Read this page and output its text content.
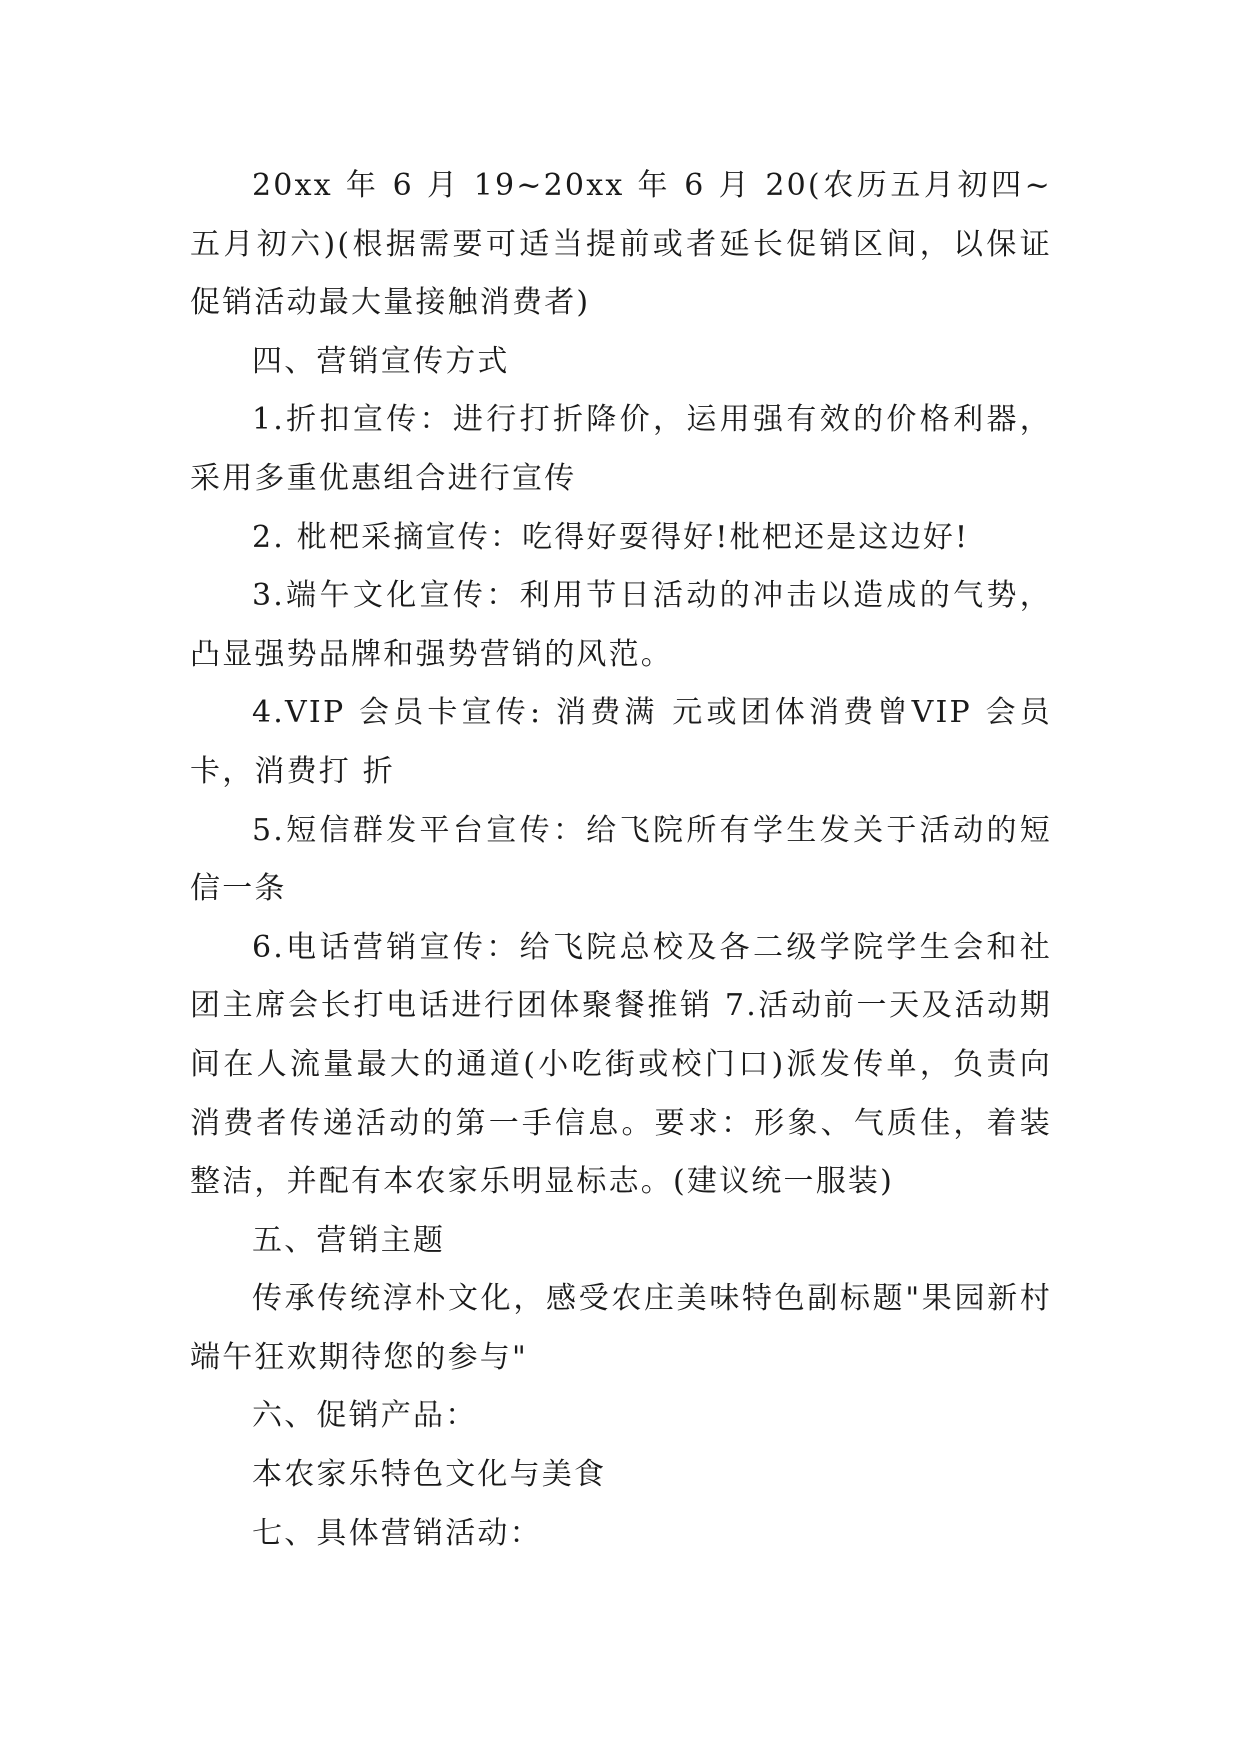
20xx 年 6 月 19~20xx 年 6 月 20(农历五月初四~五月初六)(根据需要可适当提前或者延长促销区间，以保证促销活动最大量接触消费者)

四、营销宣传方式

1.折扣宣传：进行打折降价，运用强有效的价格利器，采用多重优惠组合进行宣传

2. 枇杷采摘宣传：吃得好耍得好!枇杷还是这边好!

3.端午文化宣传：利用节日活动的冲击以造成的气势，凸显强势品牌和强势营销的风范。

4.VIP 会员卡宣传: 消费满 元或团体消费曾VIP 会员卡，消费打 折

5.短信群发平台宣传：给飞院所有学生发关于活动的短信一条

6.电话营销宣传：给飞院总校及各二级学院学生会和社团主席会长打电话进行团体聚餐推销 7.活动前一天及活动期间在人流量最大的通道(小吃街或校门口)派发传单，负责向消费者传递活动的第一手信息。要求：形象、气质佳，着装整洁，并配有本农家乐明显标志。(建议统一服装)

五、营销主题

传承传统淳朴文化，感受农庄美味特色副标题"果园新村端午狂欢期待您的参与"

六、促销产品：

本农家乐特色文化与美食

七、具体营销活动：
